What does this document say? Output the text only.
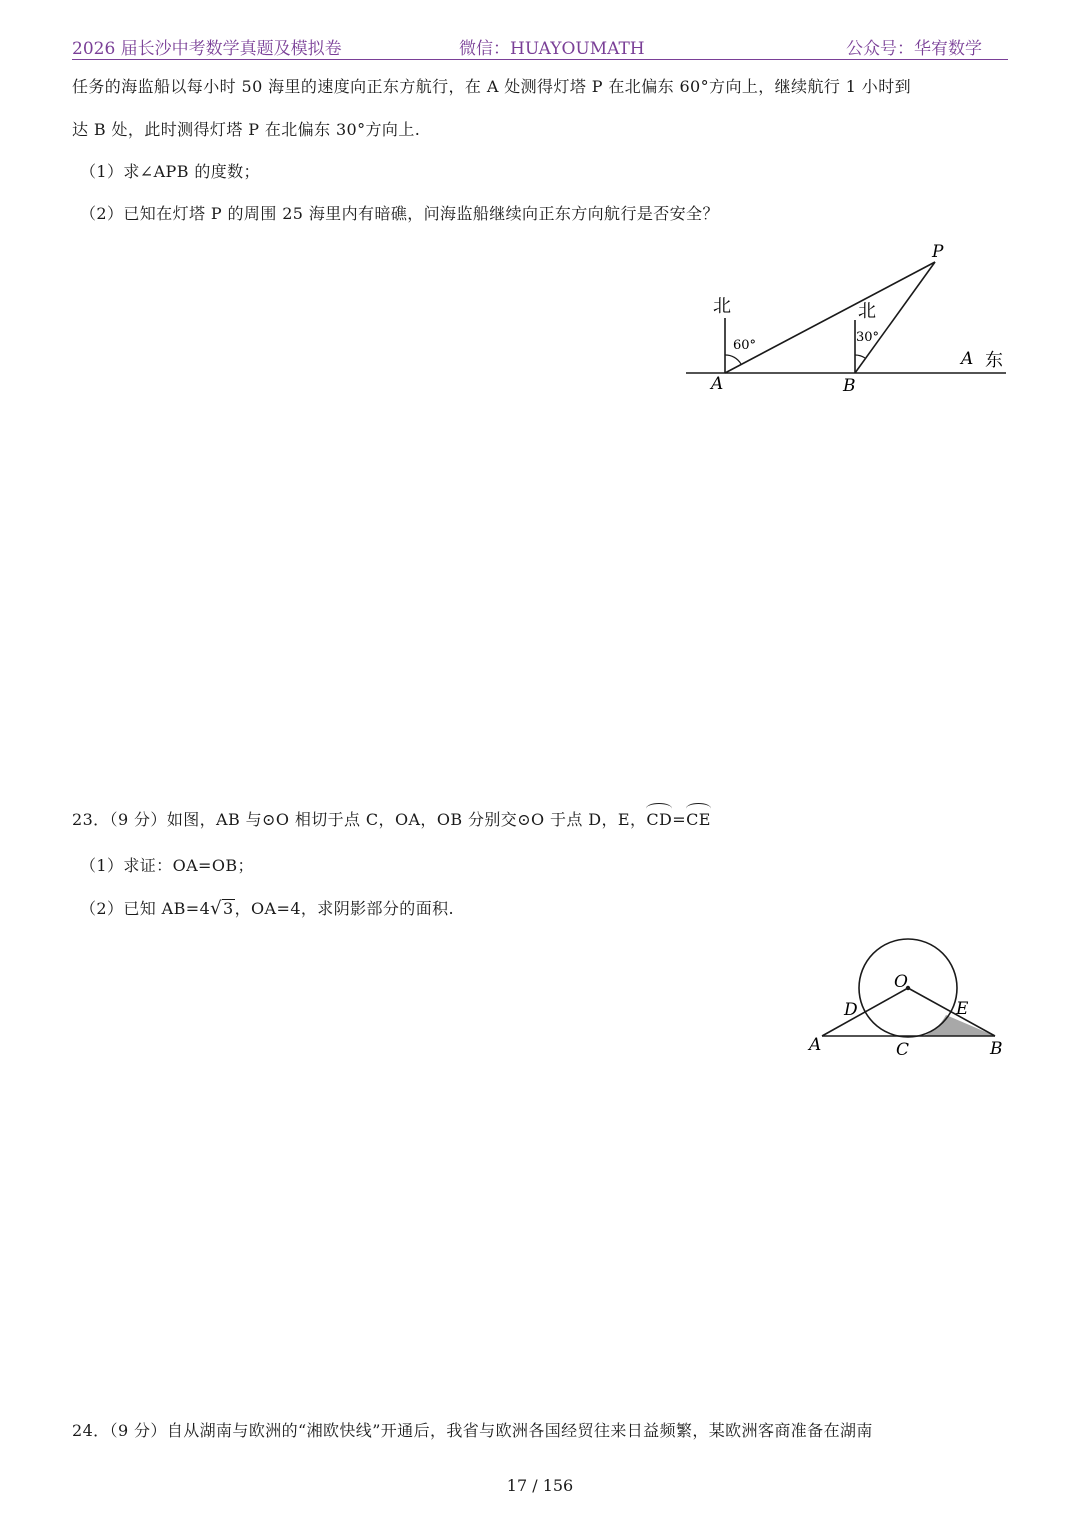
2026 届长沙中考数学真题及模拟卷	微信：HUAYOUMATH	公众号：华宥数学
任务的海监船以每小时 50 海里的速度向正东方航行，在 A 处测得灯塔 P 在北偏东 60°方向上，继续航行 1 小时到
达 B 处，此时测得灯塔 P 在北偏东 30°方向上.
（1）求∠APB 的度数；
（2）已知在灯塔 P 的周围 25 海里内有暗礁，问海监船继续向正东方向航行是否安全？
P
北	北
60°
30°
A	B
A 东
23．（9 分）如图，AB 与⊙O 相切于点 C，OA，OB 分别交⊙O 于点 D，E，CD=CE
（1）求证：OA=OB；
（2）已知 AB=4√3，OA=4，求阴影部分的面积.
O
D	E
A	C	B
24．（9 分）自从湖南与欧洲的“湘欧快线”开通后，我省与欧洲各国经贸往来日益频繁，某欧洲客商准备在湖南
17 / 156
